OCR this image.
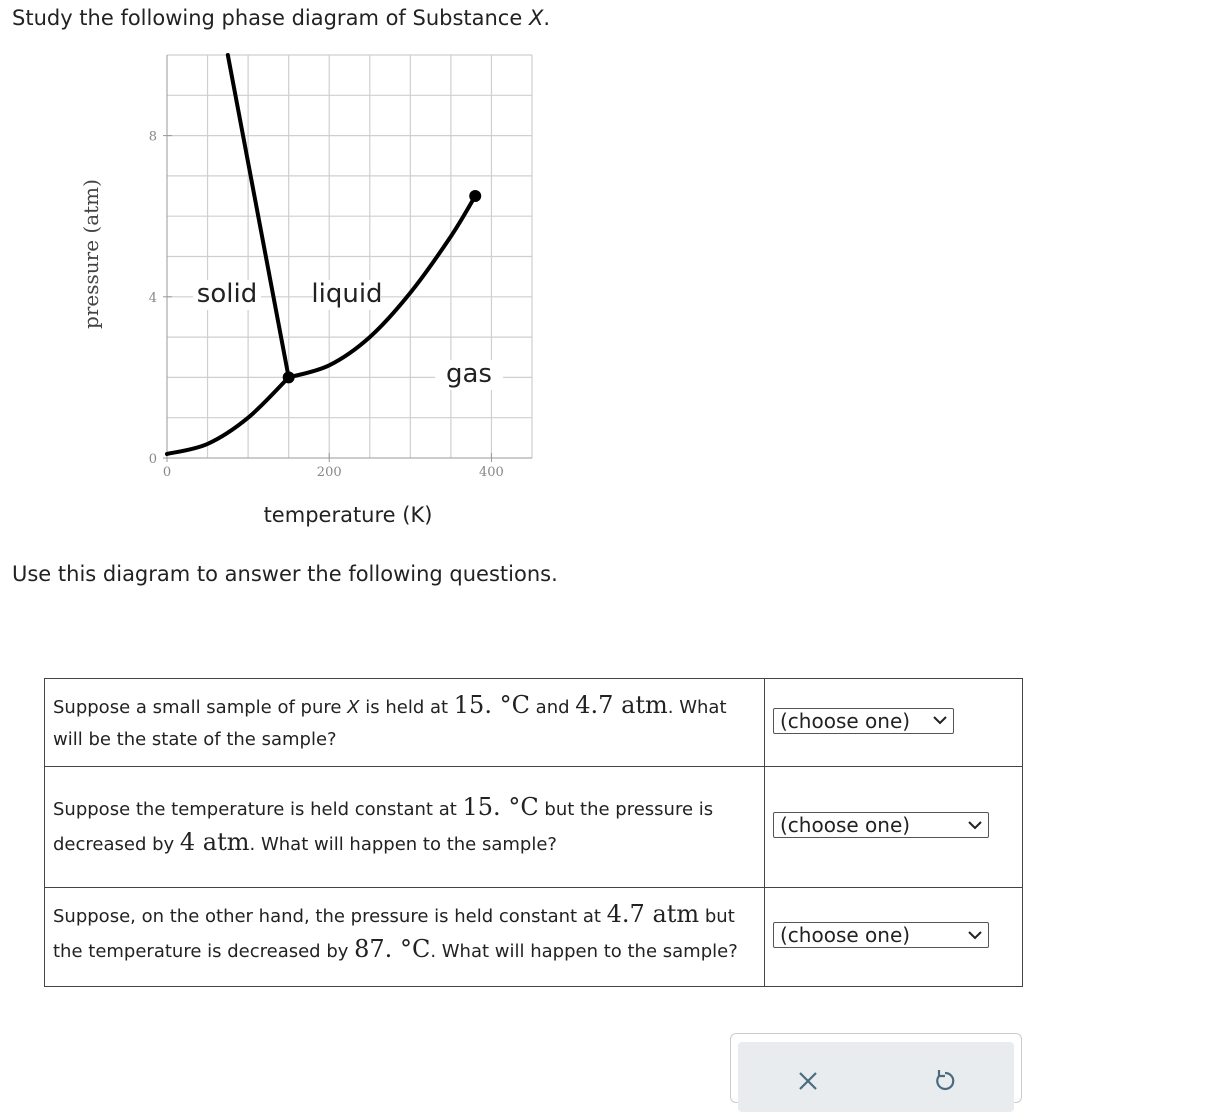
Study the following phase diagram of Substance X.
0	200	400
0
4
8
solid liquid
gas
temperature (K)
pressure (atm)

Use this diagram to answer the following questions.

Suppose a small sample of pure X is held at 15. °C and 4.7 atm. What will be the state of the sample?	(choose one)

Suppose the temperature is held constant at 15. °C but the pressure is decreased by 4 atm. What will happen to the sample?	(choose one)

Suppose, on the other hand, the pressure is held constant at 4.7 atm but the temperature is decreased by 87. °C. What will happen to the sample?	(choose one)
